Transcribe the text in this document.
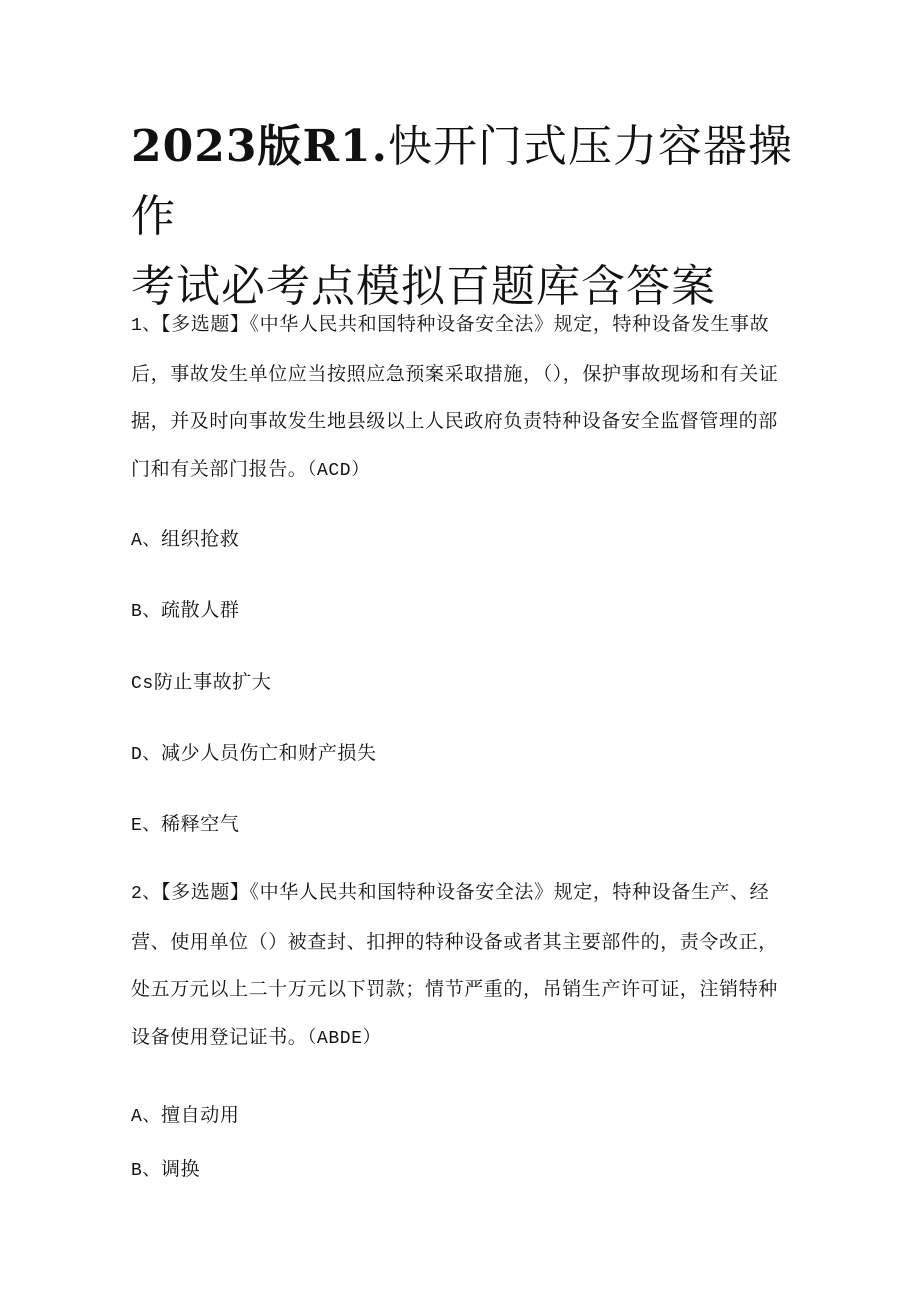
2023版R1.快开门式压力容器操作
考试必考点模拟百题库含答案

1、【多选题】《中华人民共和国特种设备安全法》规定，特种设备发生事故后，事故发生单位应当按照应急预案采取措施，（），保护事故现场和有关证据，并及时向事故发生地县级以上人民政府负责特种设备安全监督管理的部门和有关部门报告。（ACD）

A、组织抢救

B、疏散人群

Cs防止事故扩大

D、减少人员伤亡和财产损失

E、稀释空气

2、【多选题】《中华人民共和国特种设备安全法》规定，特种设备生产、经营、使用单位（）被查封、扣押的特种设备或者其主要部件的，责令改正，处五万元以上二十万元以下罚款；情节严重的，吊销生产许可证，注销特种设备使用登记证书。（ABDE）

A、擅自动用

B、调换
